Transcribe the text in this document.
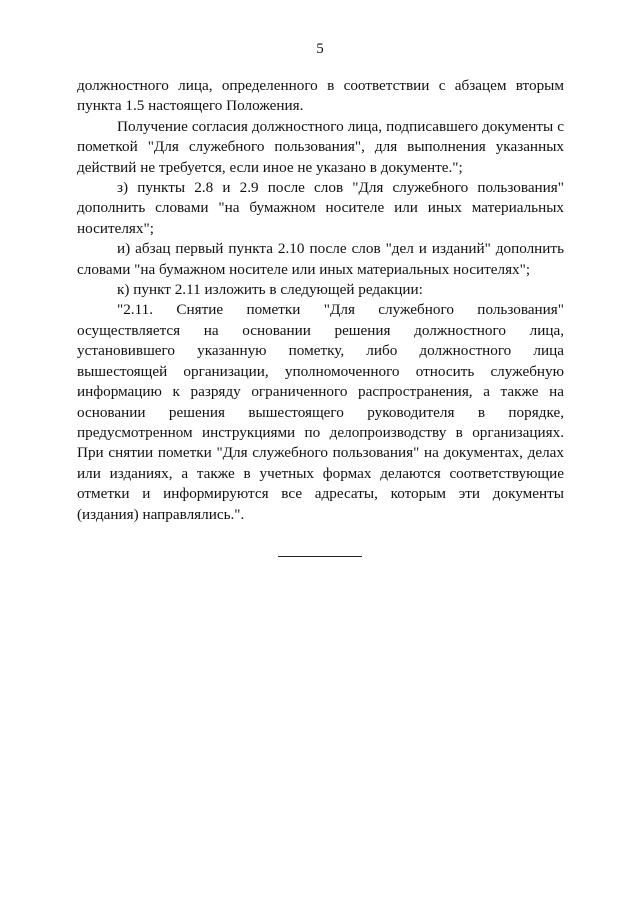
5

должностного лица, определенного в соответствии с абзацем вторым пункта 1.5 настоящего Положения.

Получение согласия должностного лица, подписавшего документы с пометкой "Для служебного пользования", для выполнения указанных действий не требуется, если иное не указано в документе.";

з) пункты 2.8 и 2.9 после слов "Для служебного пользования" дополнить словами "на бумажном носителе или иных материальных носителях";

и) абзац первый пункта 2.10 после слов "дел и изданий" дополнить словами "на бумажном носителе или иных материальных носителях";

к) пункт 2.11 изложить в следующей редакции:

"2.11. Снятие пометки "Для служебного пользования" осуществляется на основании решения должностного лица, установившего указанную пометку, либо должностного лица вышестоящей организации, уполномоченного относить служебную информацию к разряду ограниченного распространения, а также на основании решения вышестоящего руководителя в порядке, предусмотренном инструкциями по делопроизводству в организациях. При снятии пометки "Для служебного пользования" на документах, делах или изданиях, а также в учетных формах делаются соответствующие отметки и информируются все адресаты, которым эти документы (издания) направлялись.".
